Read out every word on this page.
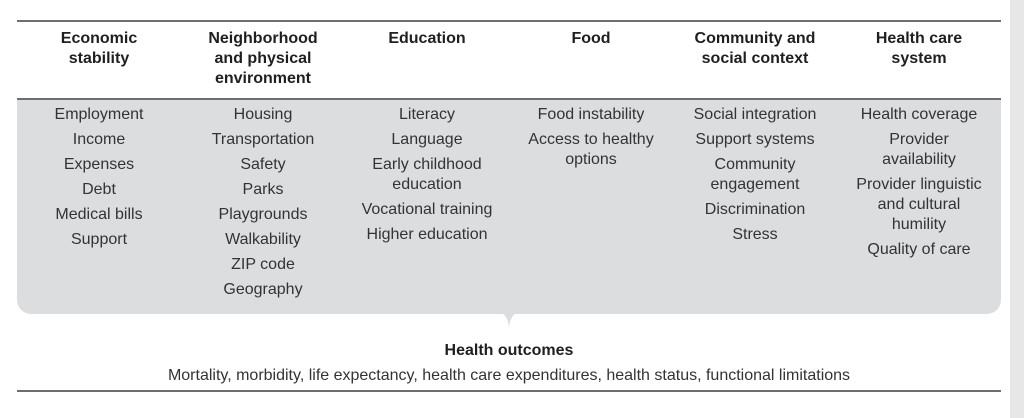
Economic
stability
Neighborhood
and physical
environment
Education	Food	Community and
social context
Health care
system
Employment
Income
Expenses
Debt
Medical bills
Support
Housing
Transportation
Safety
Parks
Playgrounds
Walkability
ZIP code
Geography
Literacy
Language
Early childhood
education
Vocational training
Higher education
Food instability
Access to healthy
options
Social integration
Support systems
Community
engagement
Discrimination
Stress
Health coverage
Provider
availability
Provider linguistic
and cultural
humility
Quality of care
Health outcomes
Mortality, morbidity, life expectancy, health care expenditures, health status, functional limitations
